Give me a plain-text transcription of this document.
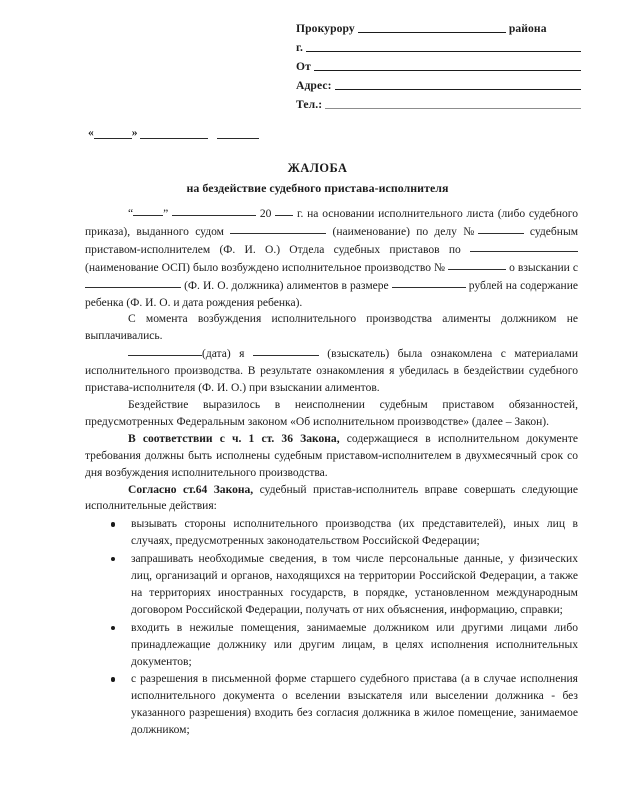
Прокурору	района
г.
От
Адрес:
Тел.:
«	»
ЖАЛОБА
на бездействие судебного пристава-исполнителя

“	”	20 г. на основании исполнительного листа (либо судебного приказа), выданного судом	(наименование) по делу №	судебным приставом-исполнителем (Ф. И. О.) Отдела судебных приставов по  (наименование ОСП) было возбуждено исполнительное производство №	о взыскании с  (Ф. И. О. должника) алиментов в размере	рублей на содержание ребенка (Ф. И. О. и дата рождения ребенка).

С момента возбуждения исполнительного производства алименты должником не выплачивались.

(дата) я	(взыскатель) была ознакомлена с материалами исполнительного производства. В результате ознакомления я убедилась в бездействии судебного пристава-исполнителя (Ф. И. О.) при взыскании алиментов.

Бездействие выразилось в неисполнении судебным приставом обязанностей, предусмотренных Федеральным законом «Об исполнительном производстве» (далее – Закон).

В соответствии с ч. 1 ст. 36 Закона, содержащиеся в исполнительном документе требования должны быть исполнены судебным приставом-исполнителем в двухмесячный срок со дня возбуждения исполнительного производства.

Согласно ст.64 Закона, судебный пристав-исполнитель вправе совершать следующие исполнительные действия:

вызывать стороны исполнительного производства (их представителей), иных лиц в случаях, предусмотренных законодательством Российской Федерации;
запрашивать необходимые сведения, в том числе персональные данные, у физических лиц, организаций и органов, находящихся на территории Российской Федерации, а также на территориях иностранных государств, в порядке, установленном международным договором Российской Федерации, получать от них объяснения, информацию, справки;
входить в нежилые помещения, занимаемые должником или другими лицами либо принадлежащие должнику или другим лицам, в целях исполнения исполнительных документов;
с разрешения в письменной форме старшего судебного пристава (а в случае исполнения исполнительного документа о вселении взыскателя или выселении должника - без указанного разрешения) входить без согласия должника в жилое помещение, занимаемое должником;
